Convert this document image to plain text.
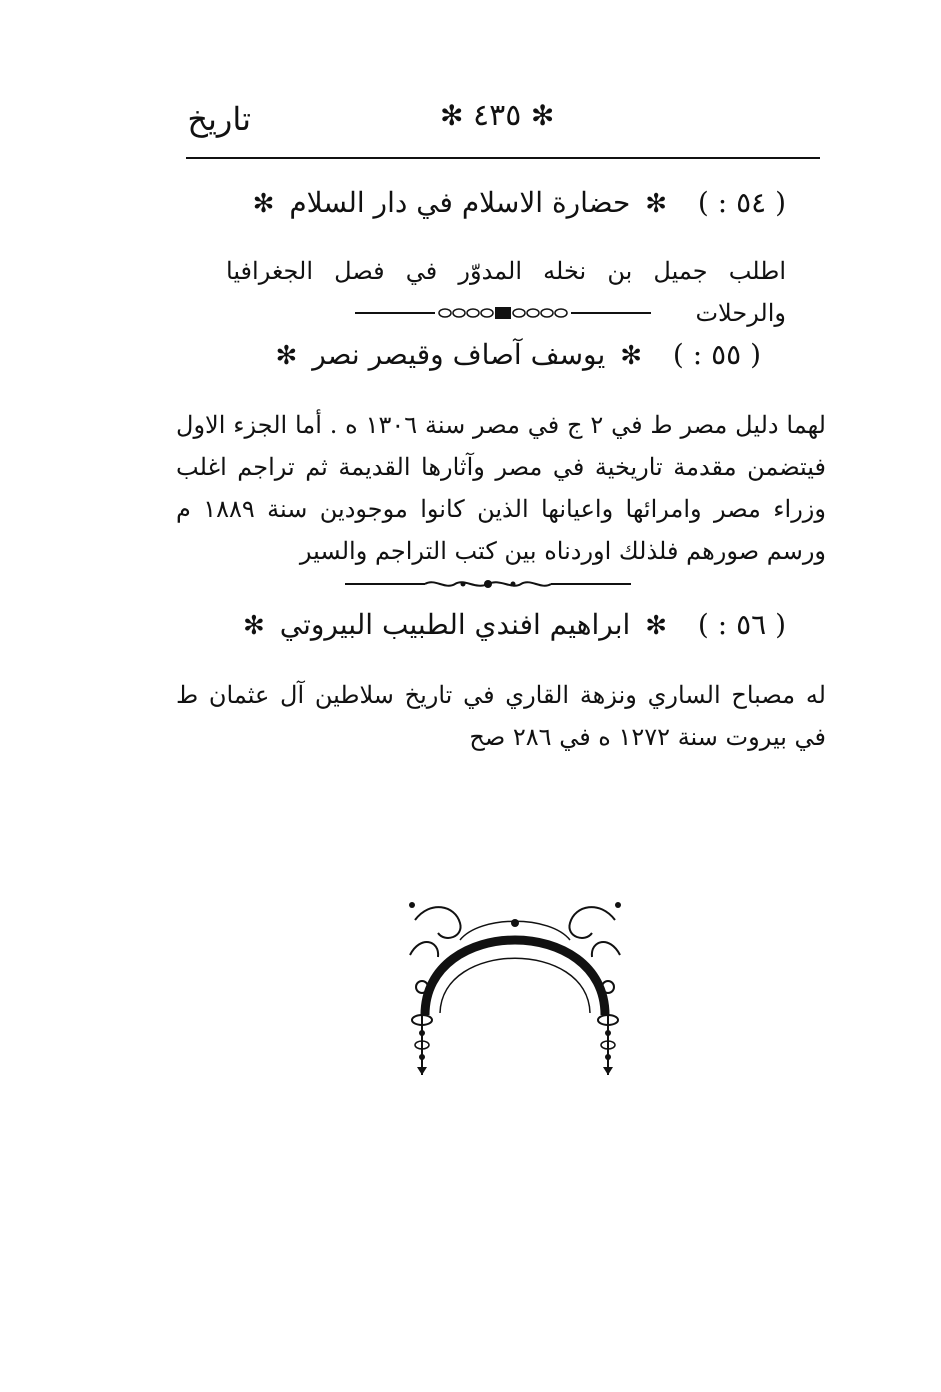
تاريخ	✻ ٤٣٥ ✻
( ٥٤ : ) ✻ حضارة الاسلام في دار السلام ✻
اطلب جميل بن نخله المدوّر في فصل الجغرافيا والرحلات
( ٥٥ : ) ✻ يوسف آصاف وقيصر نصر ✻
لهما دليل مصر ط في ٢ ج في مصر سنة ١٣٠٦ ه . أما الجزء الاول فيتضمن مقدمة تاريخية في مصر وآثارها القديمة ثم تراجم اغلب وزراء مصر وامرائها واعيانها الذين كانوا موجودين سنة ١٨٨٩ م ورسم صورهم فلذلك اوردناه بين كتب التراجم والسير
( ٥٦ : ) ✻ ابراهيم افندي الطبيب البيروتي ✻
له مصباح الساري ونزهة القاري في تاريخ سلاطين آل عثمان ط في بيروت سنة ١٢٧٢ ه في ٢٨٦ صح
